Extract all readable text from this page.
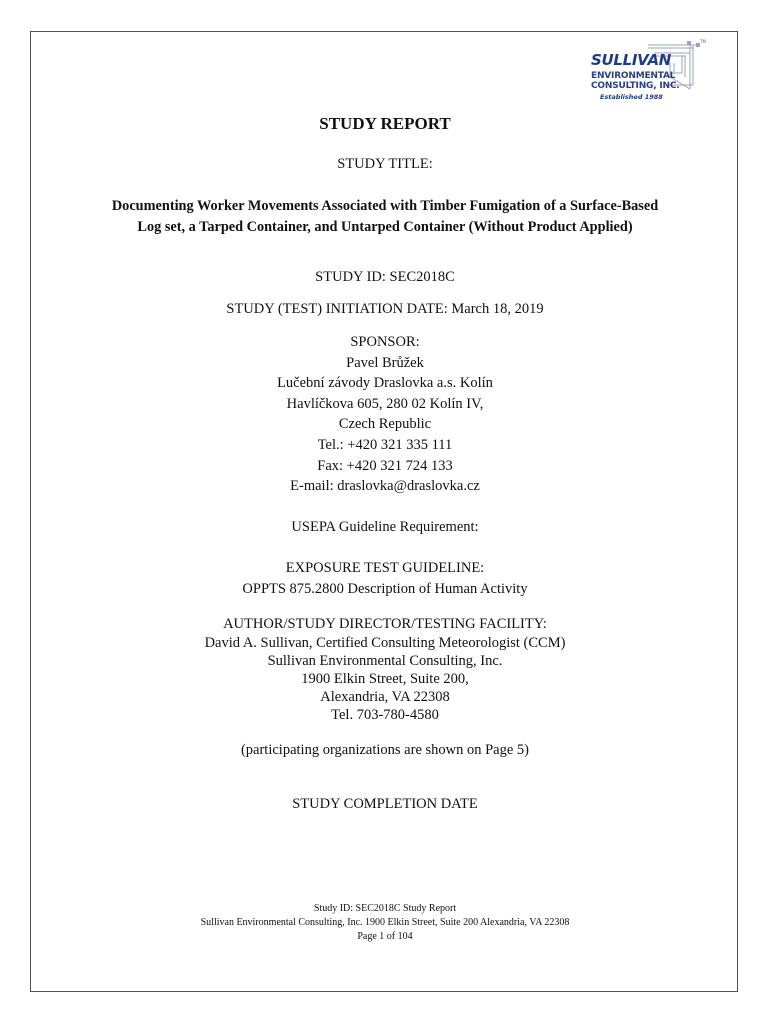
TM
SULLIVAN
ENVIRONMENTAL
CONSULTING, INC.
Established 1988
STUDY REPORT
STUDY TITLE:
Documenting Worker Movements Associated with Timber Fumigation of a Surface-Based
Log set, a Tarped Container, and Untarped Container (Without Product Applied)
STUDY ID: SEC2018C
STUDY (TEST) INITIATION DATE: March 18, 2019
SPONSOR:
Pavel Brůžek
Lučební závody Draslovka a.s. Kolín
Havlíčkova 605, 280 02 Kolín IV,
Czech Republic
Tel.: +420 321 335 111
Fax: +420 321 724 133
E-mail: draslovka@draslovka.cz
USEPA Guideline Requirement:
EXPOSURE TEST GUIDELINE:
OPPTS 875.2800 Description of Human Activity
AUTHOR/STUDY DIRECTOR/TESTING FACILITY:
David A. Sullivan, Certified Consulting Meteorologist (CCM)
Sullivan Environmental Consulting, Inc.
1900 Elkin Street, Suite 200,
Alexandria, VA 22308
Tel. 703-780-4580
(participating organizations are shown on Page 5)
STUDY COMPLETION DATE
Study ID: SEC2018C Study Report
Sullivan Environmental Consulting, Inc. 1900 Elkin Street, Suite 200 Alexandria, VA 22308
Page 1 of 104
